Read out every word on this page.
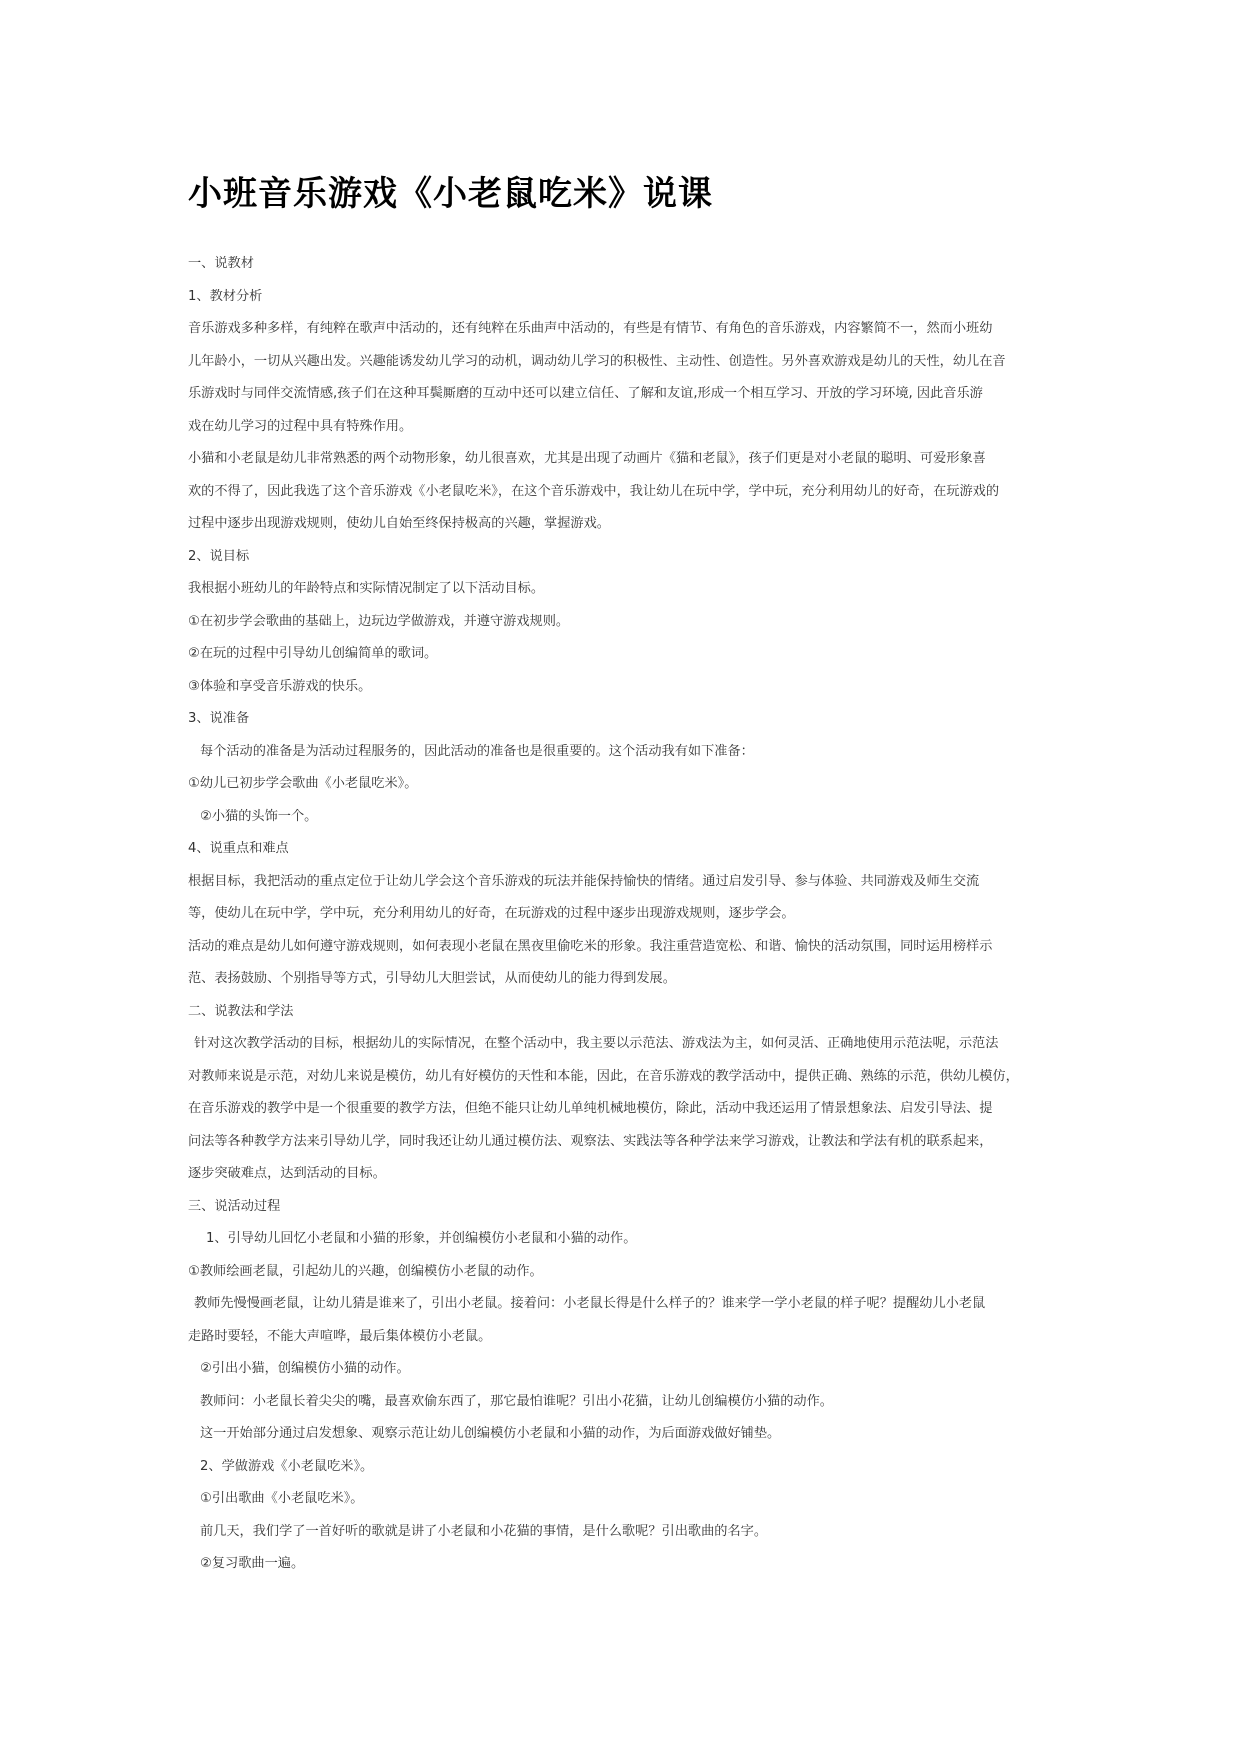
小班音乐游戏《小老鼠吃米》说课

一、说教材

1、教材分析

音乐游戏多种多样，有纯粹在歌声中活动的，还有纯粹在乐曲声中活动的，有些是有情节、有角色的音乐游戏，内容繁简不一，然而小班幼

儿年龄小，一切从兴趣出发。兴趣能诱发幼儿学习的动机，调动幼儿学习的积极性、主动性、创造性。另外喜欢游戏是幼儿的天性，幼儿在音

乐游戏时与同伴交流情感,孩子们在这种耳鬓厮磨的互动中还可以建立信任、了解和友谊,形成一个相互学习、开放的学习环境, 因此音乐游

戏在幼儿学习的过程中具有特殊作用。

小猫和小老鼠是幼儿非常熟悉的两个动物形象，幼儿很喜欢，尤其是出现了动画片《猫和老鼠》，孩子们更是对小老鼠的聪明、可爱形象喜

欢的不得了，因此我选了这个音乐游戏《小老鼠吃米》，在这个音乐游戏中，我让幼儿在玩中学，学中玩，充分利用幼儿的好奇，在玩游戏的

过程中逐步出现游戏规则，使幼儿自始至终保持极高的兴趣，掌握游戏。

2、说目标

我根据小班幼儿的年龄特点和实际情况制定了以下活动目标。

①在初步学会歌曲的基础上，边玩边学做游戏，并遵守游戏规则。

②在玩的过程中引导幼儿创编简单的歌词。

③体验和享受音乐游戏的快乐。

3、说准备

每个活动的准备是为活动过程服务的，因此活动的准备也是很重要的。这个活动我有如下准备：

①幼儿已初步学会歌曲《小老鼠吃米》。

②小猫的头饰一个。

4、说重点和难点

根据目标，我把活动的重点定位于让幼儿学会这个音乐游戏的玩法并能保持愉快的情绪。通过启发引导、参与体验、共同游戏及师生交流

等，使幼儿在玩中学，学中玩，充分利用幼儿的好奇，在玩游戏的过程中逐步出现游戏规则，逐步学会。

活动的难点是幼儿如何遵守游戏规则，如何表现小老鼠在黑夜里偷吃米的形象。我注重营造宽松、和谐、愉快的活动氛围，同时运用榜样示

范、表扬鼓励、个别指导等方式，引导幼儿大胆尝试，从而使幼儿的能力得到发展。

二、说教法和学法

针对这次教学活动的目标，根据幼儿的实际情况，在整个活动中，我主要以示范法、游戏法为主，如何灵活、正确地使用示范法呢，示范法

对教师来说是示范，对幼儿来说是模仿，幼儿有好模仿的天性和本能，因此，在音乐游戏的教学活动中，提供正确、熟练的示范，供幼儿模仿，

在音乐游戏的教学中是一个很重要的教学方法，但绝不能只让幼儿单纯机械地模仿，除此，活动中我还运用了情景想象法、启发引导法、提

问法等各种教学方法来引导幼儿学，同时我还让幼儿通过模仿法、观察法、实践法等各种学法来学习游戏，让教法和学法有机的联系起来，

逐步突破难点，达到活动的目标。

三、说活动过程

1、引导幼儿回忆小老鼠和小猫的形象，并创编模仿小老鼠和小猫的动作。

①教师绘画老鼠，引起幼儿的兴趣，创编模仿小老鼠的动作。

教师先慢慢画老鼠，让幼儿猜是谁来了，引出小老鼠。接着问：小老鼠长得是什么样子的？谁来学一学小老鼠的样子呢？提醒幼儿小老鼠

走路时要轻，不能大声喧哗，最后集体模仿小老鼠。

②引出小猫，创编模仿小猫的动作。

教师问：小老鼠长着尖尖的嘴，最喜欢偷东西了，那它最怕谁呢？引出小花猫，让幼儿创编模仿小猫的动作。

这一开始部分通过启发想象、观察示范让幼儿创编模仿小老鼠和小猫的动作，为后面游戏做好铺垫。

2、学做游戏《小老鼠吃米》。

①引出歌曲《小老鼠吃米》。

前几天，我们学了一首好听的歌就是讲了小老鼠和小花猫的事情，是什么歌呢？引出歌曲的名字。

②复习歌曲一遍。
